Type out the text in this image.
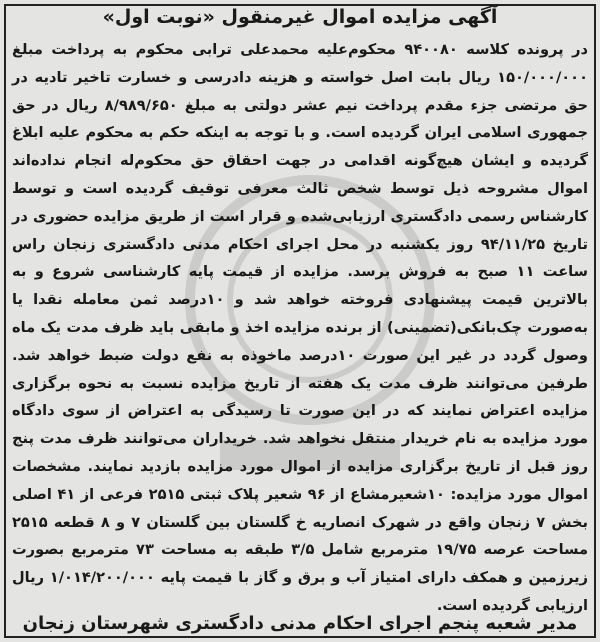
آگهی مزایده اموال غیرمنقول «نوبت اول»
در پرونده کلاسه ۹۴۰۰۸۰ محکوم‌علیه محمدعلی ترابی محکوم به پرداخت مبلغ ۱۵۰/۰۰۰/۰۰۰ ریال بابت اصل خواسته و هزینه دادرسی و خسارت تاخیر تادیه در حق مرتضی جزء مقدم پرداخت نیم عشر دولتی به مبلغ ۸/۹۸۹/۶۵۰ ریال در حق جمهوری اسلامی ایران گردیده است. و با توجه به اینکه حکم به محکوم علیه ابلاغ گردیده و ایشان هیچ‌گونه اقدامی در جهت احقاق حق محکوم‌له انجام نداده‌اند اموال مشروحه ذیل توسط شخص ثالث معرفی توقیف گردیده است و توسط کارشناس رسمی دادگستری ارزیابی‌شده و قرار است از طریق مزایده حضوری در تاریخ ۹۴/۱۱/۲۵ روز یکشنبه در محل اجرای احکام مدنی دادگستری زنجان راس ساعت ۱۱ صبح به فروش برسد. مزایده از قیمت پایه کارشناسی شروع و به بالاترین قیمت پیشنهادی فروخته خواهد شد و ۱۰درصد ثمن معامله نقدا یا به‌صورت چک‌بانکی(تضمینی) از برنده مزایده اخذ و مابقی باید ظرف مدت یک ماه وصول گردد در غیر این صورت ۱۰درصد ماخوذه به نفع دولت ضبط خواهد شد. طرفین می‌توانند ظرف مدت یک هفته از تاریخ مزایده نسبت به نحوه برگزاری مزایده اعتراض نمایند که در این صورت تا رسیدگی به اعتراض از سوی دادگاه مورد مزایده به نام خریدار منتقل نخواهد شد. خریداران می‌توانند ظرف مدت پنج روز قبل از تاریخ برگزاری مزایده از اموال مورد مزایده بازدید نمایند. مشخصات اموال مورد مزایده: ۱۰شعیرمشاع از ۹۶ شعیر پلاک ثبتی ۲۵۱۵ فرعی از ۴۱ اصلی بخش ۷ زنجان واقع در شهرک انصاریه خ گلستان بین گلستان ۷ و ۸ قطعه ۲۵۱۵ مساحت عرصه ۱۹/۷۵ مترمربع شامل ۳/۵ طبقه به مساحت ۷۳ مترمربع بصورت زیرزمین و همکف دارای امتیاز آب و برق و گاز با قیمت پایه ۱/۰۱۴/۲۰۰/۰۰۰ ریال ارزیابی گردیده است.
مدیر شعبه پنجم اجرای احکام مدنی دادگستری شهرستان زنجان
